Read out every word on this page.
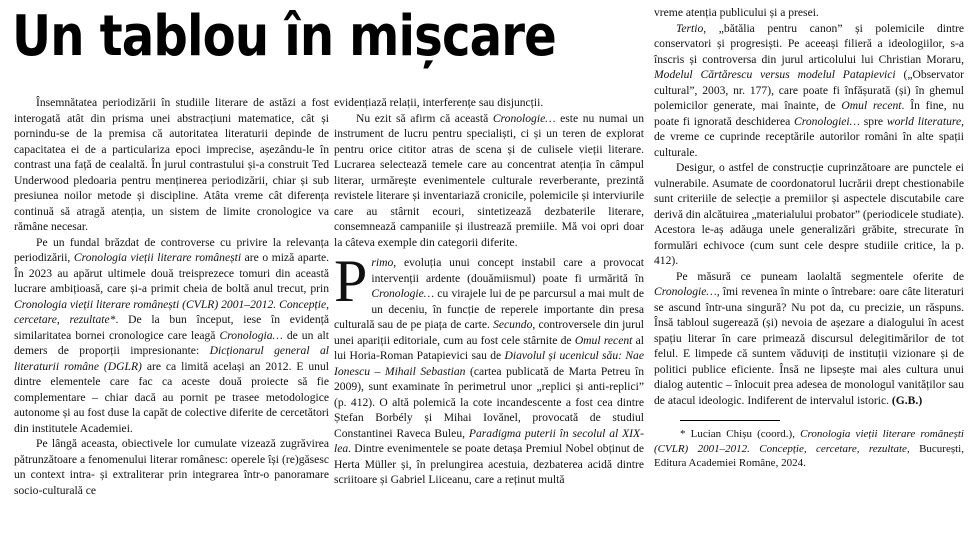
Un tablou în mișcare

Însemnătatea periodizării în studiile literare de astăzi a fost interogată atât din prisma unei abstracțiuni matematice, cât și pornindu-se de la premisa că autoritatea literaturii depinde de capacitatea ei de a particulariza epoci imprecise, așezându-le în contrast una față de cealaltă. În jurul contrastului și-a construit Ted Underwood pledoaria pentru menținerea periodizării, chiar și sub presiunea noilor metode și discipline. Atâta vreme cât diferența continuă să atragă atenția, un sistem de limite cronologice va rămâne necesar.

Pe un fundal brăzdat de controverse cu privire la relevanța periodizării, Cronologia vieții literare românești are o miză aparte. În 2023 au apărut ultimele două treisprezece tomuri din această lucrare ambițioasă, care și-a primit cheia de boltă anul trecut, prin Cronologia vieții literare românești (CVLR) 2001–2012. Concepție, cercetare, rezultate*. De la bun început, iese în evidență similaritatea bornei cronologice care leagă Cronologia… de un alt demers de proporții impresionante: Dicționarul general al literaturii române (DGLR) are ca limită același an 2012. E unul dintre elementele care fac ca aceste două proiecte să fie complementare – chiar dacă au pornit pe trasee metodologice autonome și au fost duse la capăt de colective diferite de cercetători din institutele Academiei.

Pe lângă aceasta, obiectivele lor cumulate vizează zugrăvirea pătrunzătoare a fenomenului literar românesc: operele își (re)găsesc un context intra- și extraliterar prin integrarea într-o panoramare socio-culturală ce

evidențiază relații, interferențe sau disjuncții.

Nu ezit să afirm că această Cronologie… este nu numai un instrument de lucru pentru specialiști, ci și un teren de explorat pentru orice cititor atras de scena și de culisele vieții literare. Lucrarea selectează temele care au concentrat atenția în câmpul literar, urmărește evenimentele culturale reverberante, prezintă revistele literare și inventariază cronicile, polemicile și interviurile care au stârnit ecouri, sintetizează dezbaterile literare, consemnează campaniile și ilustrează premiile. Mă voi opri doar la câteva exemple din categorii diferite.

Primo, evoluția unui concept instabil care a provocat intervenții ardente (douămiismul) poate fi urmărită în Cronologie… cu virajele lui de pe parcursul a mai mult de un deceniu, în funcție de reperele importante din presa culturală sau de pe piața de carte. Secundo, controversele din jurul unei apariții editoriale, cum au fost cele stârnite de Omul recent al lui Horia-Roman Patapievici sau de Diavolul și ucenicul său: Nae Ionescu – Mihail Sebastian (cartea publicată de Marta Petreu în 2009), sunt examinate în perimetrul unor „replici și anti-replici” (p. 412). O altă polemică la cote incandescente a fost cea dintre Ștefan Borbély și Mihai Iovănel, provocată de studiul Constantinei Raveca Buleu, Paradigma puterii în secolul al XIX-lea. Dintre evenimentele se poate detașa Premiul Nobel obținut de Herta Müller și, în prelungirea acestuia, dezbaterea acidă dintre scriitoare și Gabriel Liiceanu, care a reținut multă

vreme atenția publicului și a presei.

Tertio, „bătălia pentru canon” și polemicile dintre conservatori și progresiști. Pe aceeași filieră a ideologiilor, s-a înscris și controversa din jurul articolului lui Christian Moraru, Modelul Cărtărescu versus modelul Patapievici („Observator cultural”, 2003, nr. 177), care poate fi înfășurată (și) în ghemul polemicilor generate, mai înainte, de Omul recent. În fine, nu poate fi ignorată deschiderea Cronologiei… spre world literature, de vreme ce cuprinde receptările autorilor români în alte spații culturale.

Desigur, o astfel de construcție cuprinzătoare are punctele ei vulnerabile. Asumate de coordonatorul lucrării drept chestionabile sunt criteriile de selecție a premiilor și aspectele discutabile care derivă din alcătuirea „materialului probator” (periodicele studiate). Acestora le-aș adăuga unele generalizări grăbite, strecurate în formulări echivoce (cum sunt cele despre studiile critice, la p. 412).

Pe măsură ce puneam laolaltă segmentele oferite de Cronologie…, îmi revenea în minte o întrebare: oare câte literaturi se ascund într-una singură? Nu pot da, cu precizie, un răspuns. Însă tabloul sugerează (și) nevoia de așezare a dialogului în acest spațiu literar în care primează discursul delegitimărilor de tot felul. E limpede că suntem văduviți de instituții vizionare și de politici publice eficiente. Însă ne lipsește mai ales cultura unui dialog autentic – înlocuit prea adesea de monologul vanităților sau de atacul ideologic. Indiferent de intervalul istoric. (G.B.)

* Lucian Chișu (coord.), Cronologia vieții literare românești (CVLR) 2001–2012. Concepție, cercetare, rezultate, București, Editura Academiei Române, 2024.
